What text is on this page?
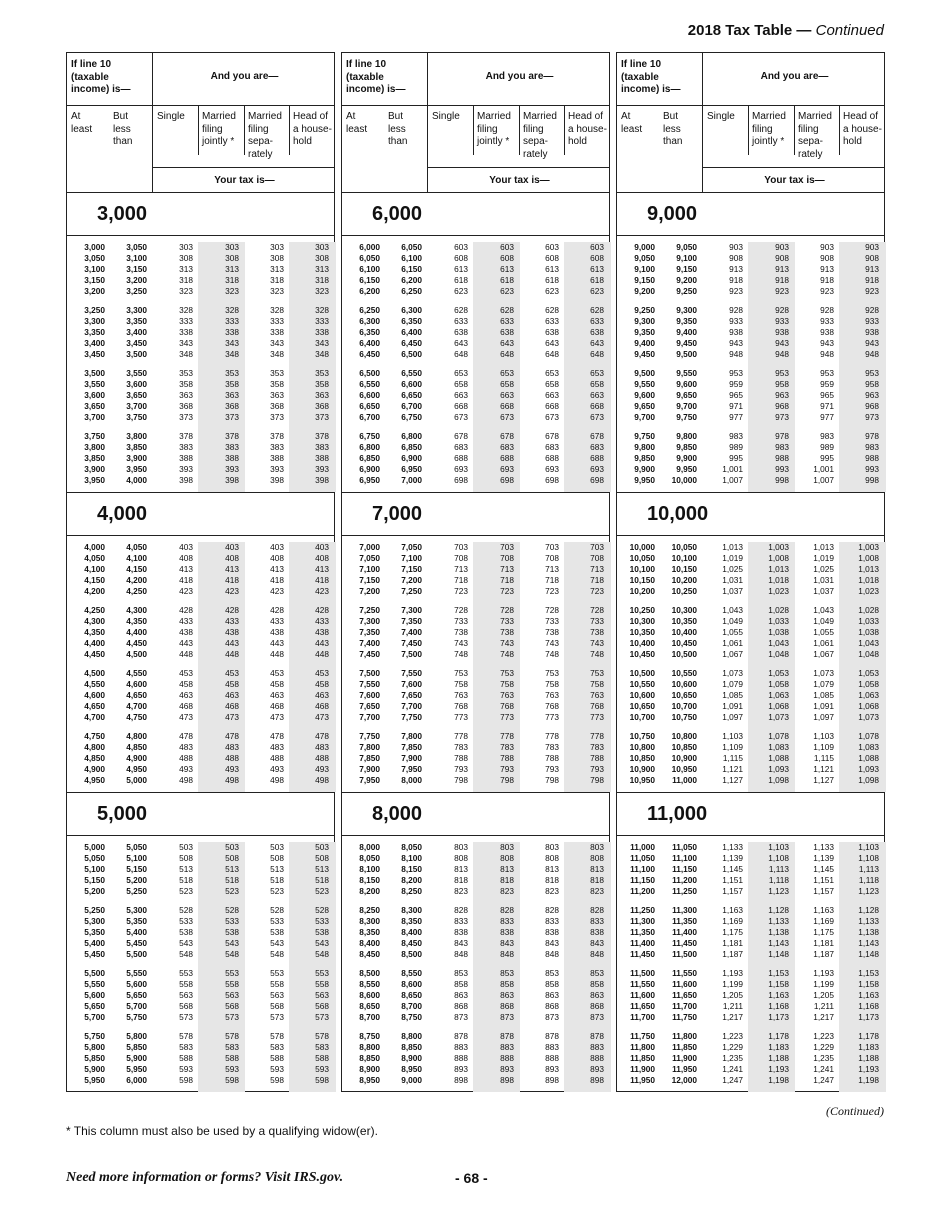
2018 Tax Table — Continued
If line 10 (taxable income) is—
And you are—
At least
But less than
Single	Married filing jointly *
Married filing sepa- rately
Head of a house- hold
Your tax is—
3,000
3,000	3,050	303	303	303	303
3,050	3,100	308	308	308	308
3,100	3,150	313	313	313	313
3,150	3,200	318	318	318	318
3,200	3,250	323	323	323	323
3,250	3,300	328	328	328	328
3,300	3,350	333	333	333	333
3,350	3,400	338	338	338	338
3,400	3,450	343	343	343	343
3,450	3,500	348	348	348	348
3,500	3,550	353	353	353	353
3,550	3,600	358	358	358	358
3,600	3,650	363	363	363	363
3,650	3,700	368	368	368	368
3,700	3,750	373	373	373	373
3,750	3,800	378	378	378	378
3,800	3,850	383	383	383	383
3,850	3,900	388	388	388	388
3,900	3,950	393	393	393	393
3,950	4,000	398	398	398	398
4,000
4,000	4,050	403	403	403	403
4,050	4,100	408	408	408	408
4,100	4,150	413	413	413	413
4,150	4,200	418	418	418	418
4,200	4,250	423	423	423	423
4,250	4,300	428	428	428	428
4,300	4,350	433	433	433	433
4,350	4,400	438	438	438	438
4,400	4,450	443	443	443	443
4,450	4,500	448	448	448	448
4,500	4,550	453	453	453	453
4,550	4,600	458	458	458	458
4,600	4,650	463	463	463	463
4,650	4,700	468	468	468	468
4,700	4,750	473	473	473	473
4,750	4,800	478	478	478	478
4,800	4,850	483	483	483	483
4,850	4,900	488	488	488	488
4,900	4,950	493	493	493	493
4,950	5,000	498	498	498	498
5,000
5,000	5,050	503	503	503	503
5,050	5,100	508	508	508	508
5,100	5,150	513	513	513	513
5,150	5,200	518	518	518	518
5,200	5,250	523	523	523	523
5,250	5,300	528	528	528	528
5,300	5,350	533	533	533	533
5,350	5,400	538	538	538	538
5,400	5,450	543	543	543	543
5,450	5,500	548	548	548	548
5,500	5,550	553	553	553	553
5,550	5,600	558	558	558	558
5,600	5,650	563	563	563	563
5,650	5,700	568	568	568	568
5,700	5,750	573	573	573	573
5,750	5,800	578	578	578	578
5,800	5,850	583	583	583	583
5,850	5,900	588	588	588	588
5,900	5,950	593	593	593	593
5,950	6,000	598	598	598	598
If line 10 (taxable income) is—
And you are—
At least
But less than
Single	Married filing jointly *
Married filing sepa- rately
Head of a house- hold
Your tax is—
6,000
6,000	6,050	603	603	603	603
6,050	6,100	608	608	608	608
6,100	6,150	613	613	613	613
6,150	6,200	618	618	618	618
6,200	6,250	623	623	623	623
6,250	6,300	628	628	628	628
6,300	6,350	633	633	633	633
6,350	6,400	638	638	638	638
6,400	6,450	643	643	643	643
6,450	6,500	648	648	648	648
6,500	6,550	653	653	653	653
6,550	6,600	658	658	658	658
6,600	6,650	663	663	663	663
6,650	6,700	668	668	668	668
6,700	6,750	673	673	673	673
6,750	6,800	678	678	678	678
6,800	6,850	683	683	683	683
6,850	6,900	688	688	688	688
6,900	6,950	693	693	693	693
6,950	7,000	698	698	698	698
7,000
7,000	7,050	703	703	703	703
7,050	7,100	708	708	708	708
7,100	7,150	713	713	713	713
7,150	7,200	718	718	718	718
7,200	7,250	723	723	723	723
7,250	7,300	728	728	728	728
7,300	7,350	733	733	733	733
7,350	7,400	738	738	738	738
7,400	7,450	743	743	743	743
7,450	7,500	748	748	748	748
7,500	7,550	753	753	753	753
7,550	7,600	758	758	758	758
7,600	7,650	763	763	763	763
7,650	7,700	768	768	768	768
7,700	7,750	773	773	773	773
7,750	7,800	778	778	778	778
7,800	7,850	783	783	783	783
7,850	7,900	788	788	788	788
7,900	7,950	793	793	793	793
7,950	8,000	798	798	798	798
8,000
8,000	8,050	803	803	803	803
8,050	8,100	808	808	808	808
8,100	8,150	813	813	813	813
8,150	8,200	818	818	818	818
8,200	8,250	823	823	823	823
8,250	8,300	828	828	828	828
8,300	8,350	833	833	833	833
8,350	8,400	838	838	838	838
8,400	8,450	843	843	843	843
8,450	8,500	848	848	848	848
8,500	8,550	853	853	853	853
8,550	8,600	858	858	858	858
8,600	8,650	863	863	863	863
8,650	8,700	868	868	868	868
8,700	8,750	873	873	873	873
8,750	8,800	878	878	878	878
8,800	8,850	883	883	883	883
8,850	8,900	888	888	888	888
8,900	8,950	893	893	893	893
8,950	9,000	898	898	898	898
If line 10 (taxable income) is—
And you are—
At least
But less than
Single	Married filing jointly *
Married filing sepa- rately
Head of a house- hold
Your tax is—
9,000
9,000	9,050	903	903	903	903
9,050	9,100	908	908	908	908
9,100	9,150	913	913	913	913
9,150	9,200	918	918	918	918
9,200	9,250	923	923	923	923
9,250	9,300	928	928	928	928
9,300	9,350	933	933	933	933
9,350	9,400	938	938	938	938
9,400	9,450	943	943	943	943
9,450	9,500	948	948	948	948
9,500	9,550	953	953	953	953
9,550	9,600	959	958	959	958
9,600	9,650	965	963	965	963
9,650	9,700	971	968	971	968
9,700	9,750	977	973	977	973
9,750	9,800	983	978	983	978
9,800	9,850	989	983	989	983
9,850	9,900	995	988	995	988
9,900	9,950	1,001	993	1,001	993
9,950	10,000	1,007	998	1,007	998
10,000
10,000	10,050	1,013	1,003	1,013	1,003
10,050	10,100	1,019	1,008	1,019	1,008
10,100	10,150	1,025	1,013	1,025	1,013
10,150	10,200	1,031	1,018	1,031	1,018
10,200	10,250	1,037	1,023	1,037	1,023
10,250	10,300	1,043	1,028	1,043	1,028
10,300	10,350	1,049	1,033	1,049	1,033
10,350	10,400	1,055	1,038	1,055	1,038
10,400	10,450	1,061	1,043	1,061	1,043
10,450	10,500	1,067	1,048	1,067	1,048
10,500	10,550	1,073	1,053	1,073	1,053
10,550	10,600	1,079	1,058	1,079	1,058
10,600	10,650	1,085	1,063	1,085	1,063
10,650	10,700	1,091	1,068	1,091	1,068
10,700	10,750	1,097	1,073	1,097	1,073
10,750	10,800	1,103	1,078	1,103	1,078
10,800	10,850	1,109	1,083	1,109	1,083
10,850	10,900	1,115	1,088	1,115	1,088
10,900	10,950	1,121	1,093	1,121	1,093
10,950	11,000	1,127	1,098	1,127	1,098
11,000
11,000	11,050	1,133	1,103	1,133	1,103
11,050	11,100	1,139	1,108	1,139	1,108
11,100	11,150	1,145	1,113	1,145	1,113
11,150	11,200	1,151	1,118	1,151	1,118
11,200	11,250	1,157	1,123	1,157	1,123
11,250	11,300	1,163	1,128	1,163	1,128
11,300	11,350	1,169	1,133	1,169	1,133
11,350	11,400	1,175	1,138	1,175	1,138
11,400	11,450	1,181	1,143	1,181	1,143
11,450	11,500	1,187	1,148	1,187	1,148
11,500	11,550	1,193	1,153	1,193	1,153
11,550	11,600	1,199	1,158	1,199	1,158
11,600	11,650	1,205	1,163	1,205	1,163
11,650	11,700	1,211	1,168	1,211	1,168
11,700	11,750	1,217	1,173	1,217	1,173
11,750	11,800	1,223	1,178	1,223	1,178
11,800	11,850	1,229	1,183	1,229	1,183
11,850	11,900	1,235	1,188	1,235	1,188
11,900	11,950	1,241	1,193	1,241	1,193
11,950	12,000	1,247	1,198	1,247	1,198
(Continued)
* This column must also be used by a qualifying widow(er).
Need more information or forms? Visit IRS.gov.	- 68 -
